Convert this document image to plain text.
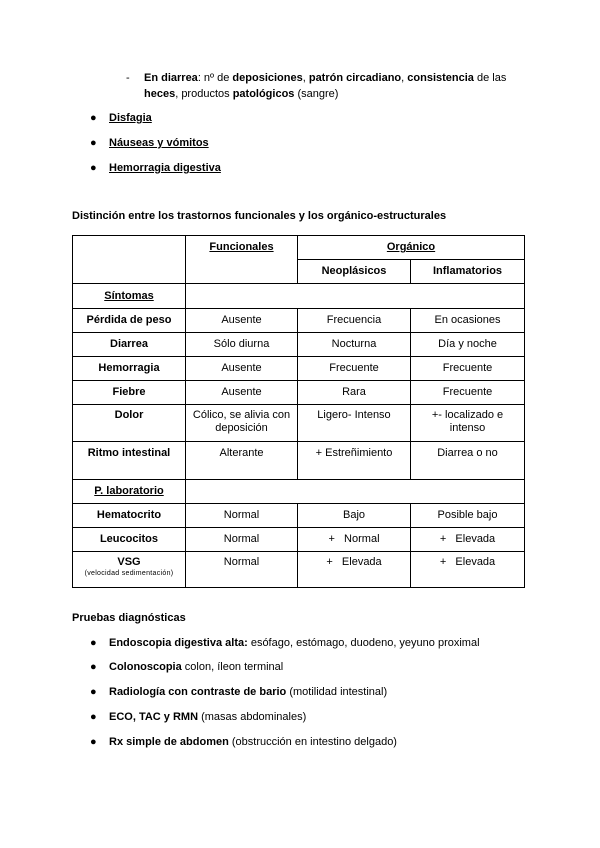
- En diarrea: nº de deposiciones, patrón circadiano, consistencia de las
heces, productos patológicos (sangre)
● Disfagia
● Náuseas y vómitos
● Hemorragia digestiva
Distinción entre los trastornos funcionales y los orgánico-estructurales
	Funcionales	Orgánico	
		Neoplásicos	Inflamatorios
Síntomas			
Pérdida de peso	Ausente	Frecuencia	En ocasiones
Diarrea	Sólo diurna	Nocturna	Día y noche
Hemorragia	Ausente	Frecuente	Frecuente
Fiebre	Ausente	Rara	Frecuente
Dolor	Cólico, se alivia con deposición	Ligero- Intenso	+- localizado e intenso
Ritmo intestinal	Alterante	+ Estreñimiento	Diarrea o no
P. laboratorio			
Hematocrito	Normal	Bajo	Posible bajo
Leucocitos	Normal	+   Normal	+   Elevada
VSG
(velocidad sedimentación)	Normal	+   Elevada	+   Elevada
Pruebas diagnósticas
● Endoscopia digestiva alta: esófago, estómago, duodeno, yeyuno proximal
● Colonoscopia colon, íleon terminal
● Radiología con contraste de bario (motilidad intestinal)
● ECO, TAC y RMN (masas abdominales)
● Rx simple de abdomen (obstrucción en intestino delgado)
